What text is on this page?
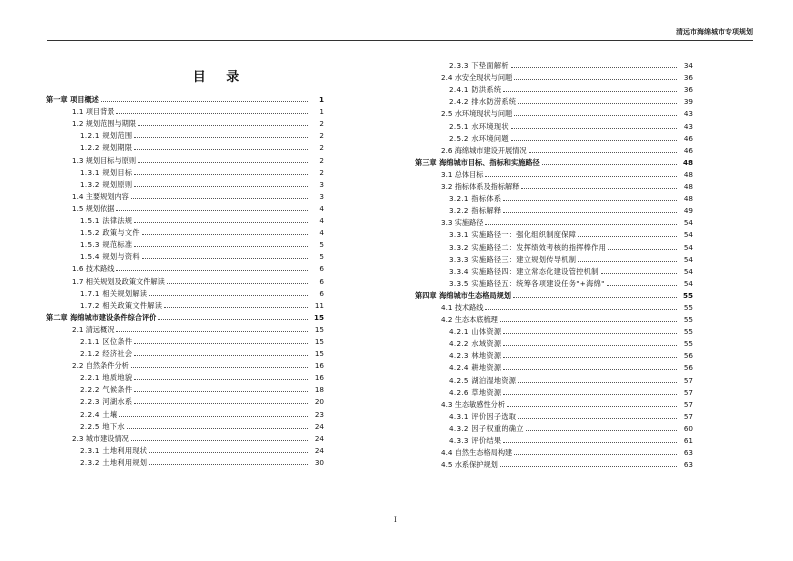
清远市海绵城市专项规划
目 录
第一章 项目概述	1
1.1 项目背景	1
1.2 规划范围与期限	2
1.2.1 规划范围	2
1.2.2 规划期限	2
1.3 规划目标与原则	2
1.3.1 规划目标	2
1.3.2 规划原则	3
1.4 主要规划内容	3
1.5 规划依据	4
1.5.1 法律法规	4
1.5.2 政策与文件	4
1.5.3 规范标准	5
1.5.4 规划与资料	5
1.6 技术路线	6
1.7 相关规划及政策文件解读	6
1.7.1 相关规划解读	6
1.7.2 相关政策文件解读	11
第二章 海绵城市建设条件综合评价	15
2.1 清远概况	15
2.1.1 区位条件	15
2.1.2 经济社会	15
2.2 自然条件分析	16
2.2.1 地质地貌	16
2.2.2 气候条件	18
2.2.3 河湖水系	20
2.2.4 土壤	23
2.2.5 地下水	24
2.3 城市建设情况	24
2.3.1 土地利用现状	24
2.3.2 土地利用规划	30
2.3.3 下垫面解析	34
2.4 水安全现状与问题	36
2.4.1 防洪系统	36
2.4.2 排水防涝系统	39
2.5 水环境现状与问题	43
2.5.1 水环境现状	43
2.5.2 水环境问题	46
2.6 海绵城市建设开展情况	46
第三章 海绵城市目标、指标和实施路径	48
3.1 总体目标	48
3.2 指标体系及指标解释	48
3.2.1 指标体系	48
3.2.2 指标解释	49
3.3 实施路径	54
3.3.1 实施路径一：强化组织制度保障	54
3.3.2 实施路径二：发挥绩效考核的指挥棒作用	54
3.3.3 实施路径三：建立规划传导机制	54
3.3.4 实施路径四：建立常态化建设管控机制	54
3.3.5 实施路径五：统筹各项建设任务"+海绵"	54
第四章 海绵城市生态格局规划	55
4.1 技术路线	55
4.2 生态本底梳理	55
4.2.1 山体资源	55
4.2.2 水域资源	55
4.2.3 林地资源	56
4.2.4 耕地资源	56
4.2.5 湖泊湿地资源	57
4.2.6 草地资源	57
4.3 生态敏感性分析	57
4.3.1 评价因子选取	57
4.3.2 因子权重的确立	60
4.3.3 评价结果	61
4.4 自然生态格局构建	63
4.5 水系保护规划	63
I
